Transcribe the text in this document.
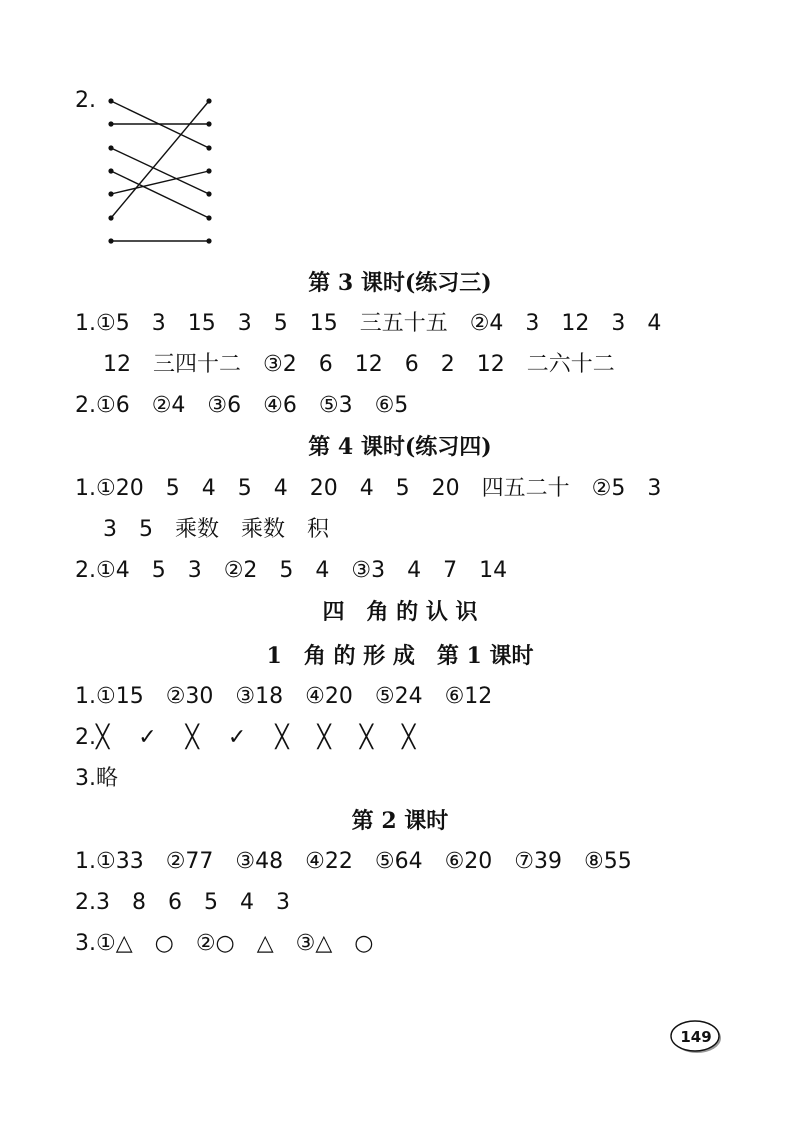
2.
第 3 课时(练习三)
1.①5　3　15　3　5　15　三五十五　②4　3　12　3　4
12　三四十二　③2　6　12　6　2　12　二六十二
2.①6　②4　③6　④6　⑤3　⑥5
第 4 课时(练习四)
1.①20　5　4　5　4　20　4　5　20　四五二十　②5　3
3　5　乘数　乘数　积
2.①4　5　3　②2　5　4　③3　4　7　14
四　角 的 认 识
1　角 的 形 成　第 1 课时
1.①15　②30　③18　④20　⑤24　⑥12
2.╳　 ✓　 ╳　 ✓　 ╳　 ╳　 ╳　 ╳
3.略
第 2 课时
1.①33　②77　③48　④22　⑤64　⑥20　⑦39　⑧55
2.3　8　6　5　4　3
3.①△　○　②○　△　③△　○
149
